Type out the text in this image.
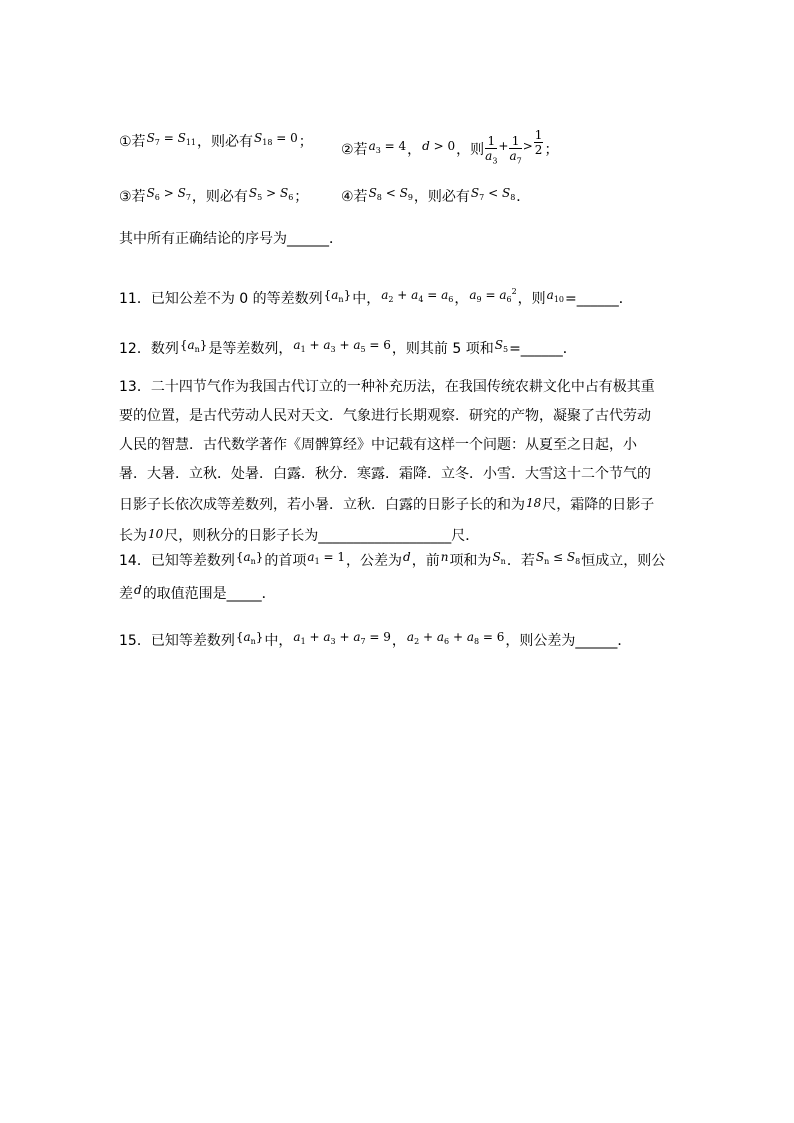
①若$S_7 = S_{11}$，则必有$S_{18} = 0$； ②若$a_3 = 4$，d > 0，则 $\frac{1}{a_3} + \frac{1}{a_7} > \frac{1}{2}$ ；
③若$S_6 > S_7$，则必有$S_5 > S_6$； ④若$S_8 < S_9$，则必有$S_7 < S_8$．
其中所有正确结论的序号为______．
11．已知公差不为 0 的等差数列$\{a_n\}$中，$a_2 + a_4 = a_6$，$a_9 = a_6^2$，则$a_{10}=\_\_\_\_\_\_$．
12．数列$\{a_n\}$是等差数列，$a_1 + a_3 + a_5 = 6$，则其前 5 项和$S_5=\_\_\_\_\_\_$．
13．二十四节气作为我国古代订立的一种补充历法，在我国传统农耕文化中占有极其重
要的位置，是古代劳动人民对天文．气象进行长期观察．研究的产物，凝聚了古代劳动
人民的智慧．古代数学著作《周髀算经》中记载有这样一个问题：从夏至之日起，小
暑．大暑．立秋．处暑．白露．秋分．寒露．霜降．立冬．小雪．大雪这十二个节气的
日影子长依次成等差数列，若小暑．立秋．白露的日影子长的和为18尺，霜降的日影子
长为10尺，则秋分的日影子长为___________________尺．
14．已知等差数列$\{a_n\}$的首项$a_1 = 1$，公差为d，前n项和为$S_n$．若$S_n \le S_8$恒成立，则公
差d的取值范围是_____．
15．已知等差数列$\{a_n\}$中，$a_1 + a_3 + a_7 = 9$，$a_2 + a_6 + a_8 = 6$，则公差为______．
